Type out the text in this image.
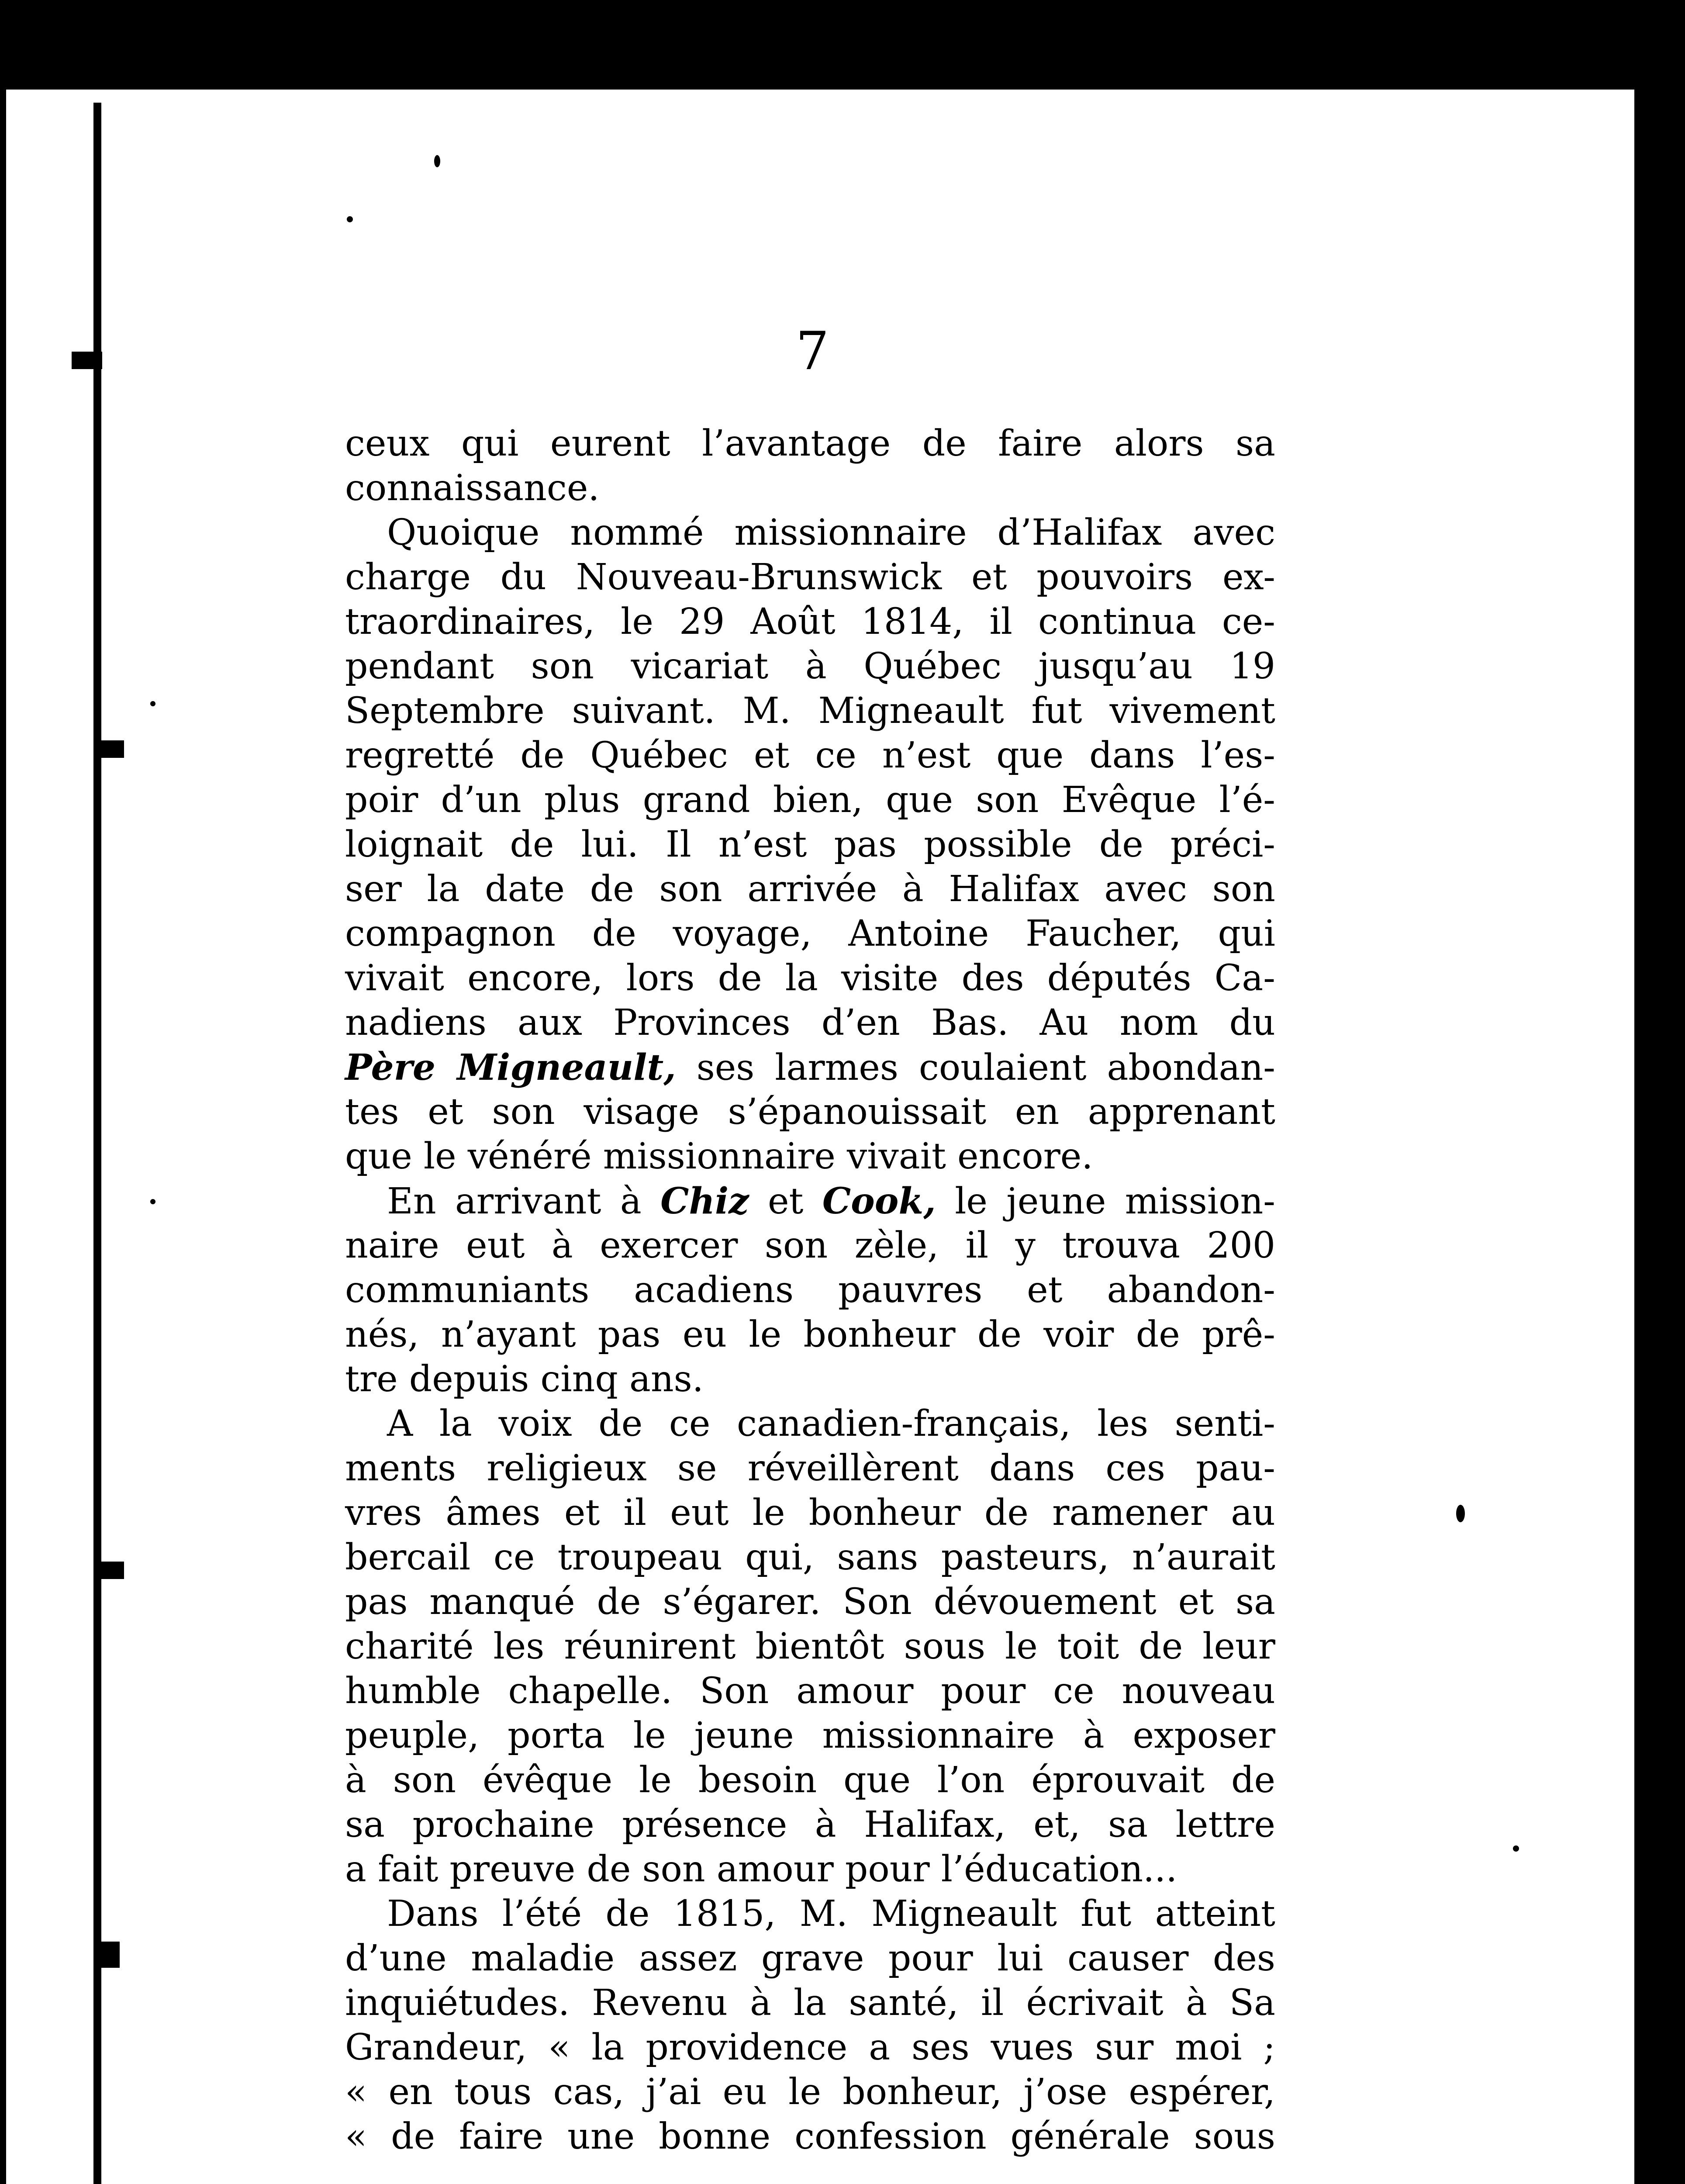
7
ceux qui eurent l’avantage de faire alors sa
connaissance.
Quoique nommé missionnaire d’Halifax avec
charge du Nouveau-Brunswick et pouvoirs ex-
traordinaires, le 29 Août 1814, il continua ce-
pendant son vicariat à Québec jusqu’au 19
Septembre suivant. M. Migneault fut vivement
regretté de Québec et ce n’est que dans l’es-
poir d’un plus grand bien, que son Evêque l’é-
loignait de lui. Il n’est pas possible de préci-
ser la date de son arrivée à Halifax avec son
compagnon de voyage, Antoine Faucher, qui
vivait encore, lors de la visite des députés Ca-
nadiens aux Provinces d’en Bas. Au nom du
Père Migneault, ses larmes coulaient abondan-
tes et son visage s’épanouissait en apprenant
que le vénéré missionnaire vivait encore.
En arrivant à Chiz et Cook, le jeune mission-
naire eut à exercer son zèle, il y trouva 200
communiants acadiens pauvres et abandon-
nés, n’ayant pas eu le bonheur de voir de prê-
tre depuis cinq ans.
A la voix de ce canadien-français, les senti-
ments religieux se réveillèrent dans ces pau-
vres âmes et il eut le bonheur de ramener au
bercail ce troupeau qui, sans pasteurs, n’aurait
pas manqué de s’égarer. Son dévouement et sa
charité les réunirent bientôt sous le toit de leur
humble chapelle. Son amour pour ce nouveau
peuple, porta le jeune missionnaire à exposer
à son évêque le besoin que l’on éprouvait de
sa prochaine présence à Halifax, et, sa lettre
a fait preuve de son amour pour l’éducation...
Dans l’été de 1815, M. Migneault fut atteint
d’une maladie assez grave pour lui causer des
inquiétudes. Revenu à la santé, il écrivait à Sa
Grandeur, « la providence a ses vues sur moi ;
« en tous cas, j’ai eu le bonheur, j’ose espérer,
« de faire une bonne confession générale sous
